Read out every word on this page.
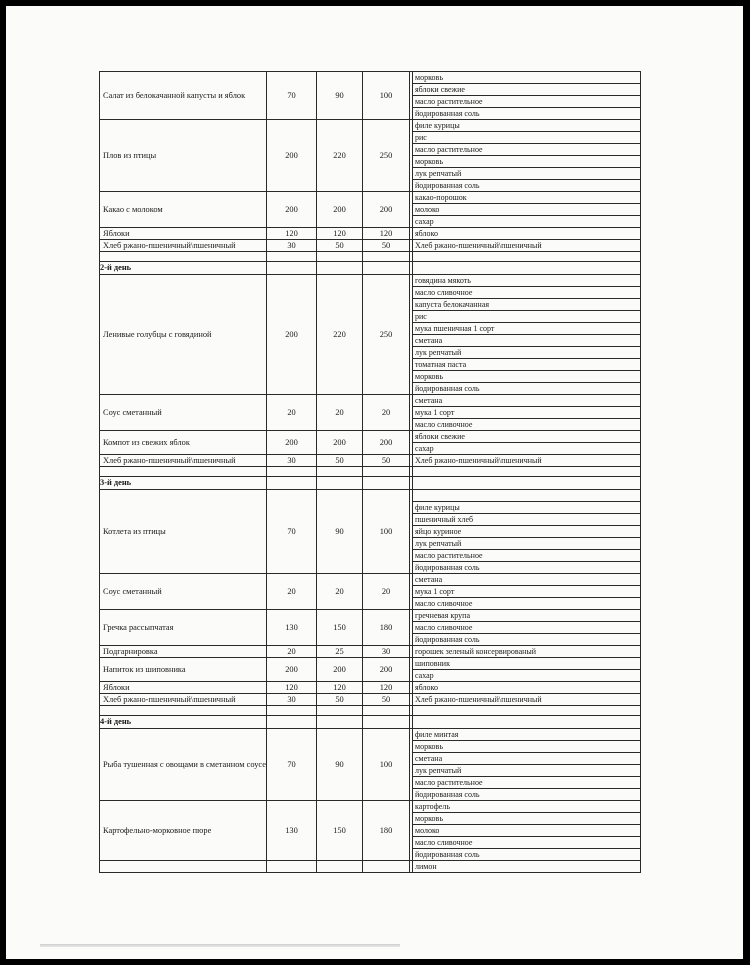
Салат из белокачанной капусты и яблок	70	90	100		морковь
					яблоки свежие
					масло растительное
					йодированная соль
Плов из птицы	200	220	250		филе курицы
					рис
					масло растительное
					морковь
					лук репчатый
					йодированная соль
Какао с молоком	200	200	200		какао-порошок
					молоко
					сахар
Яблоки	120	120	120		яблоко
Хлеб ржано-пшеничный\пшеничный	30	50	50		Хлеб ржано-пшеничный\пшеничный

2-й день					
Ленивые голубцы с говядиной	200	220	250		говядина мякоть
					масло сливочное
					капуста белокачанная
					рис
					мука пшеничная 1 сорт
					сметана
					лук репчатый
					томатная паста
					морковь
					йодированная соль
Соус сметанный	20	20	20		сметана
					мука 1 сорт
					масло сливочное
Компот из свежих яблок	200	200	200		яблоки свежие
					сахар
Хлеб ржано-пшеничный\пшеничный	30	50	50		Хлеб ржано-пшеничный\пшеничный

3-й день					
Котлета из птицы	70	90	100		
					филе курицы
					пшеничный хлеб
					яйцо куриное
					лук репчатый
					масло растительное
					йодированная соль
Соус сметанный	20	20	20		сметана
					мука 1 сорт
					масло сливочное
Гречка рассыпчатая	130	150	180		гречневая крупа
					масло сливочное
					йодированная соль
Подгарнировка	20	25	30		горошек зеленый консервированый
Напиток из шиповника	200	200	200		шиповник
					сахар
Яблоки	120	120	120		яблоко
Хлеб ржано-пшеничный\пшеничный	30	50	50		Хлеб ржано-пшеничный\пшеничный

4-й день					
Рыба тушенная с овощами в сметанном соусе	70	90	100		филе минтая
					морковь
					сметана
					лук репчатый
					масло растительное
					йодированная соль
Картофельно-морковное пюре	130	150	180		картофель
					морковь
					молоко
					масло сливочное
					йодированная соль
					лимон
